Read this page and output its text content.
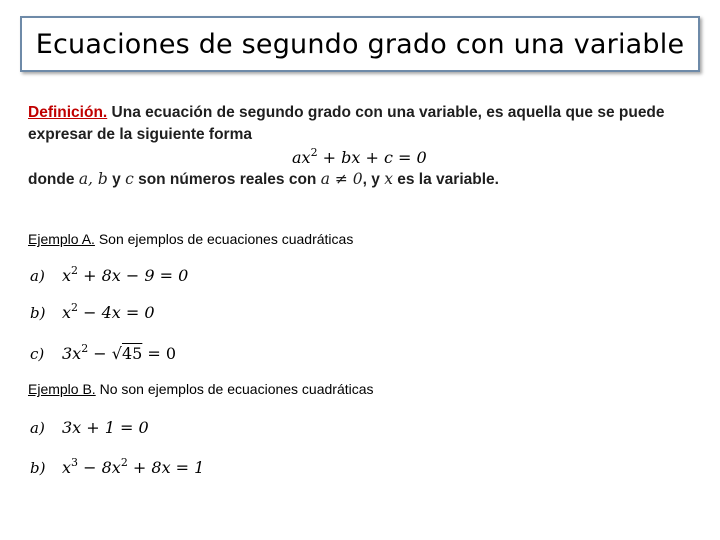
Ecuaciones de segundo grado con una variable
Definición. Una ecuación de segundo grado con una variable, es aquella que se puede
expresar de la siguiente forma
donde a, b y c son números reales con a ≠ 0, y x es la variable.
$ax^2$ + bx + c = 0
Ejemplo A. Son ejemplos de ecuaciones cuadráticas
a) $x^2 + 8x - 9 = 0$
b) $x^2 - 4x = 0$
c) $3x^2 - √45 = 0$
Ejemplo B. No son ejemplos de ecuaciones cuadráticas
a) 3x + 1 = 0
b) $x^3 - 8x^2 + 8x = 1$
